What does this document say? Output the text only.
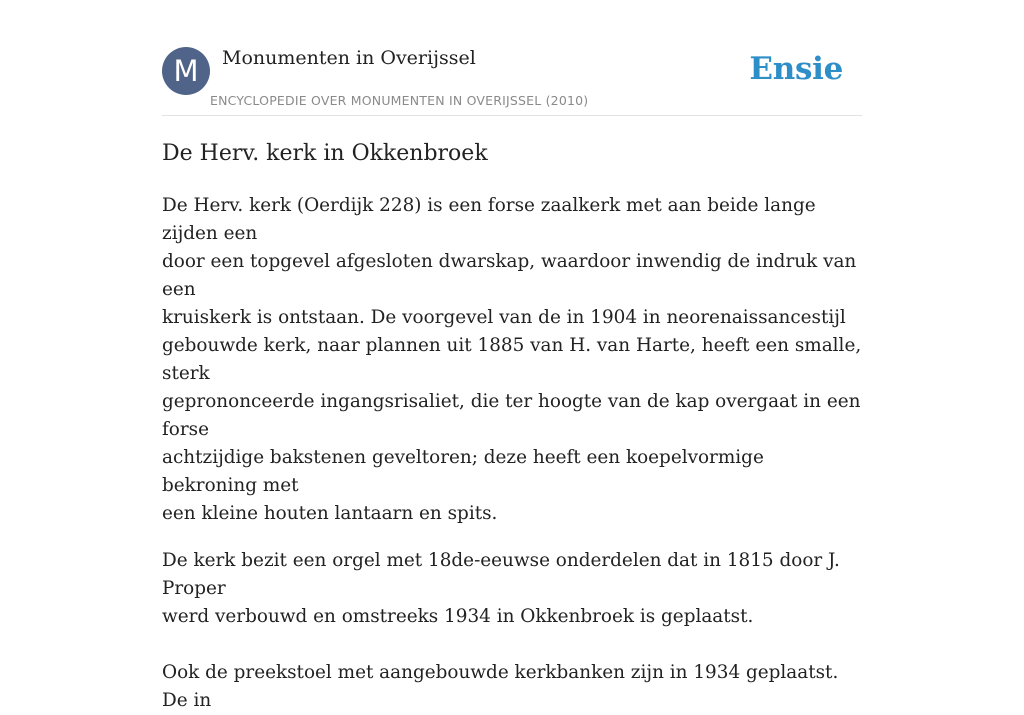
M	Monumenten in Overijssel
ENCYCLOPEDIE OVER MONUMENTEN IN OVERIJSSEL (2010)
Ensie
De Herv. kerk in Okkenbroek

De Herv. kerk (Oerdijk 228) is een forse zaalkerk met aan beide lange zijden een
door een topgevel afgesloten dwarskap, waardoor inwendig de indruk van een
kruiskerk is ontstaan. De voorgevel van de in 1904 in neorenaissancestijl
gebouwde kerk, naar plannen uit 1885 van H. van Harte, heeft een smalle, sterk
geprononceerde ingangsrisaliet, die ter hoogte van de kap overgaat in een forse
achtzijdige bakstenen geveltoren; deze heeft een koepelvormige bekroning met
een kleine houten lantaarn en spits.

De kerk bezit een orgel met 18de-eeuwse onderdelen dat in 1815 door J. Proper
werd verbouwd en omstreeks 1934 in Okkenbroek is geplaatst.

Ook de preekstoel met aangebouwde kerkbanken zijn in 1934 geplaatst. De in
